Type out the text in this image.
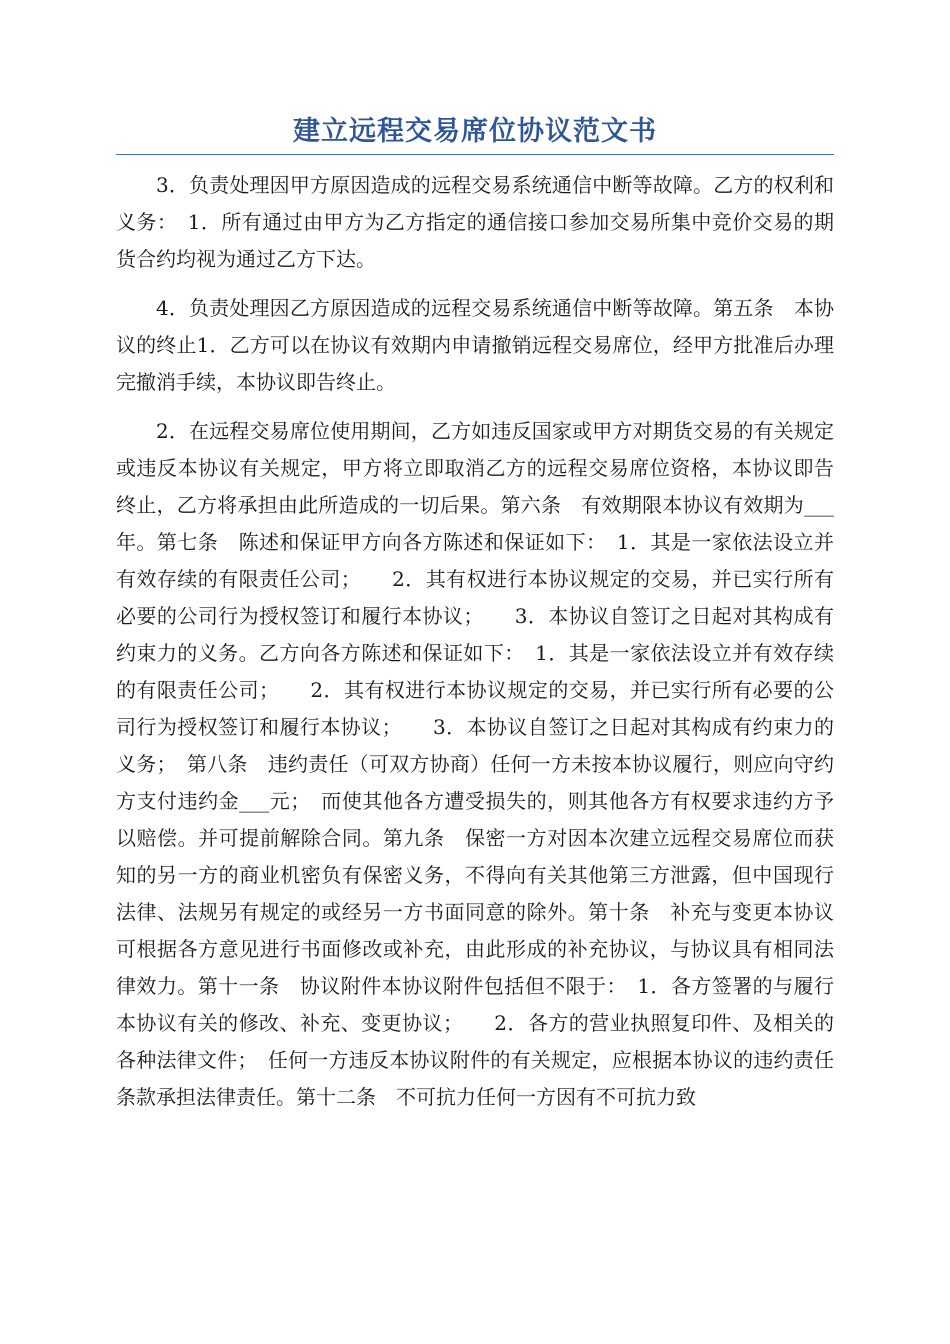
建立远程交易席位协议范文书

3．负责处理因甲方原因造成的远程交易系统通信中断等故障。乙方的权利和义务：　1．所有通过由甲方为乙方指定的通信接口参加交易所集中竞价交易的期货合约均视为通过乙方下达。

4．负责处理因乙方原因造成的远程交易系统通信中断等故障。第五条　本协议的终止1．乙方可以在协议有效期内申请撤销远程交易席位，经甲方批准后办理完撤消手续，本协议即告终止。

2．在远程交易席位使用期间，乙方如违反国家或甲方对期货交易的有关规定或违反本协议有关规定，甲方将立即取消乙方的远程交易席位资格，本协议即告终止，乙方将承担由此所造成的一切后果。第六条　有效期限本协议有效期为___年。第七条　陈述和保证甲方向各方陈述和保证如下：　1．其是一家依法设立并有效存续的有限责任公司；　　2．其有权进行本协议规定的交易，并已实行所有必要的公司行为授权签订和履行本协议；　　3．本协议自签订之日起对其构成有约束力的义务。乙方向各方陈述和保证如下：　1．其是一家依法设立并有效存续的有限责任公司；　　2．其有权进行本协议规定的交易，并已实行所有必要的公司行为授权签订和履行本协议；　　3．本协议自签订之日起对其构成有约束力的义务；　第八条　违约责任（可双方协商）任何一方未按本协议履行，则应向守约方支付违约金___元；　而使其他各方遭受损失的，则其他各方有权要求违约方予以赔偿。并可提前解除合同。第九条　保密一方对因本次建立远程交易席位而获知的另一方的商业机密负有保密义务，不得向有关其他第三方泄露，但中国现行法律、法规另有规定的或经另一方书面同意的除外。第十条　补充与变更本协议可根据各方意见进行书面修改或补充，由此形成的补充协议，与协议具有相同法律效力。第十一条　协议附件本协议附件包括但不限于：　1．各方签署的与履行本协议有关的修改、补充、变更协议；　　2．各方的营业执照复印件、及相关的各种法律文件；　任何一方违反本协议附件的有关规定，应根据本协议的违约责任条款承担法律责任。第十二条　不可抗力任何一方因有不可抗力致
